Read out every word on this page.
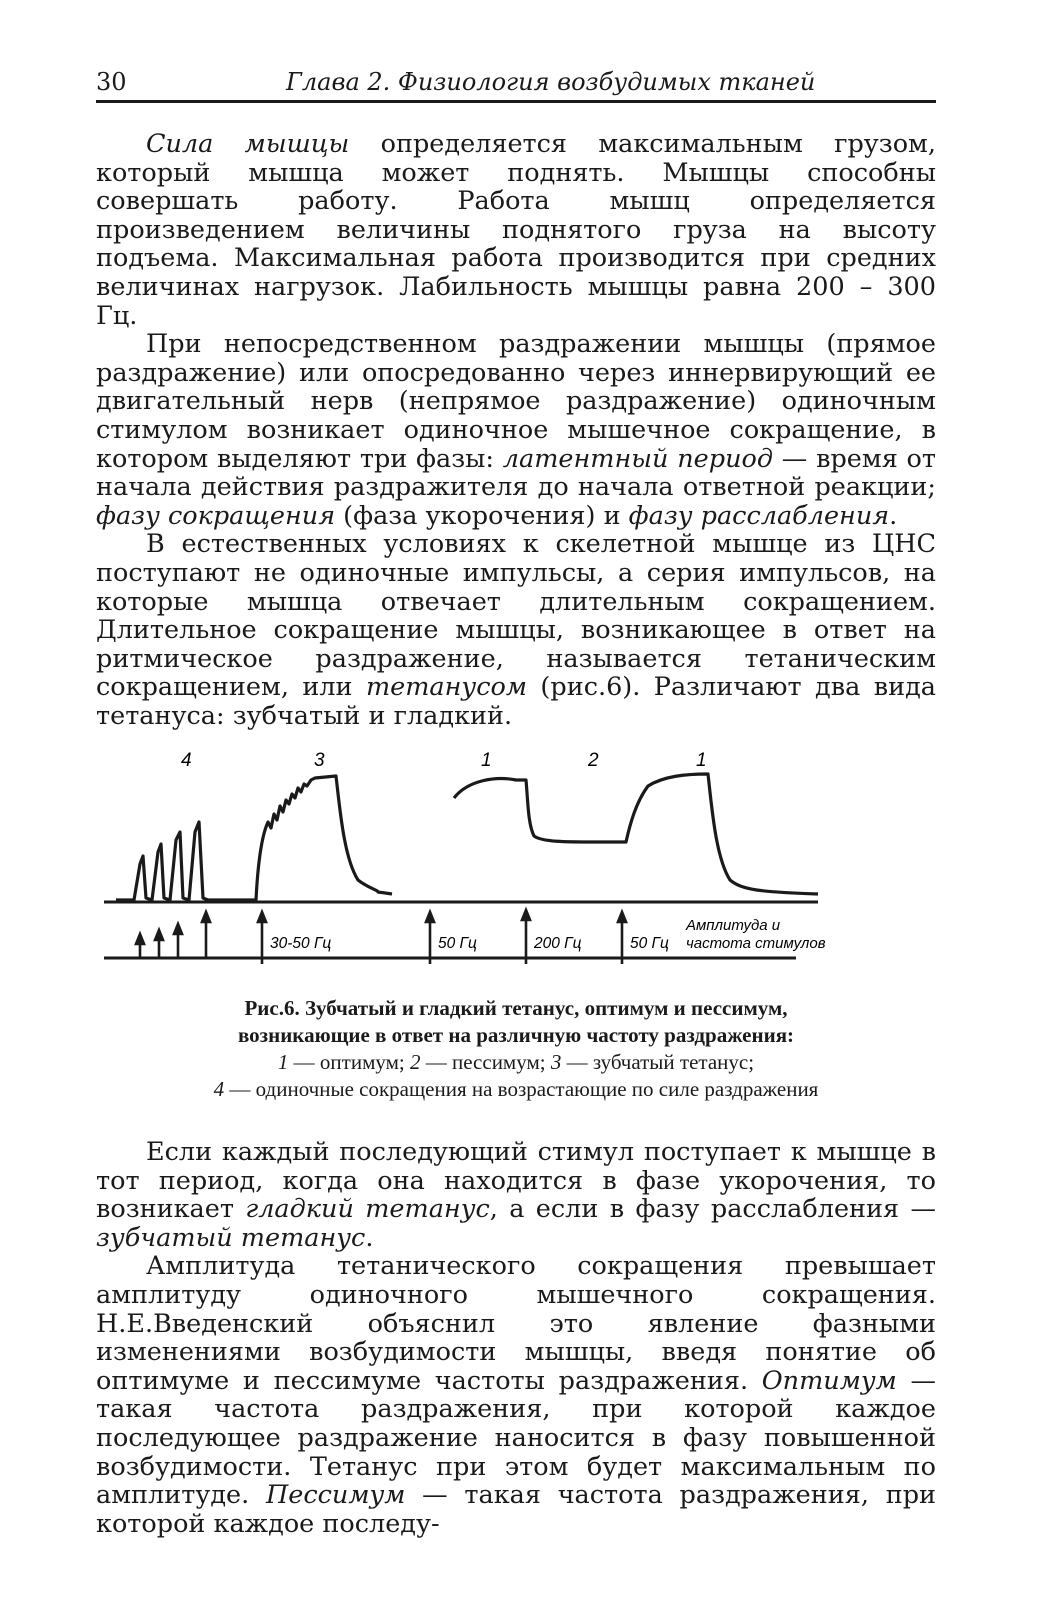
30	Глава 2. Физиология возбудимых тканей

Сила мышцы определяется максимальным грузом, который мышца может поднять. Мышцы способны совершать работу. Работа мышц определяется произведением величины поднятого груза на высоту подъема. Максимальная работа производится при средних величинах нагрузок. Лабильность мышцы равна 200 – 300 Гц.

При непосредственном раздражении мышцы (прямое раздражение) или опосредованно через иннервирующий ее двигательный нерв (непрямое раздражение) одиночным стимулом возникает одиночное мышечное сокращение, в котором выделяют три фазы: латентный период — время от начала действия раздражителя до начала ответной реакции; фазу сокращения (фаза укорочения) и фазу расслабления.

В естественных условиях к скелетной мышце из ЦНС поступают не одиночные импульсы, а серия импульсов, на которые мышца отвечает длительным сокращением. Длительное сокращение мышцы, возникающее в ответ на ритмическое раздражение, называется тетаническим сокращением, или тетанусом (рис.6). Различают два вида тетануса: зубчатый и гладкий.

4	3	1	2	1
30-50 Гц	50 Гц	200 Гц	50 Гц
Амплитуда и
частота стимулов
Рис.6. Зубчатый и гладкий тетанус, оптимум и пессимум,
возникающие в ответ на различную частоту раздражения:
1 — оптимум; 2 — пессимум; 3 — зубчатый тетанус;
4 — одиночные сокращения на возрастающие по силе раздражения

Если каждый последующий стимул поступает к мышце в тот период, когда она находится в фазе укорочения, то возникает гладкий тетанус, а если в фазу расслабления — зубчатый тетанус.

Амплитуда тетанического сокращения превышает амплитуду одиночного мышечного сокращения. Н.Е.Введенский объяснил это явление фазными изменениями возбудимости мышцы, введя понятие об оптимуме и пессимуме частоты раздражения. Оптимум — такая частота раздражения, при которой каждое последующее раздражение наносится в фазу повышенной возбудимости. Тетанус при этом будет максимальным по амплитуде. Пессимум — такая частота раздражения, при которой каждое последу-
